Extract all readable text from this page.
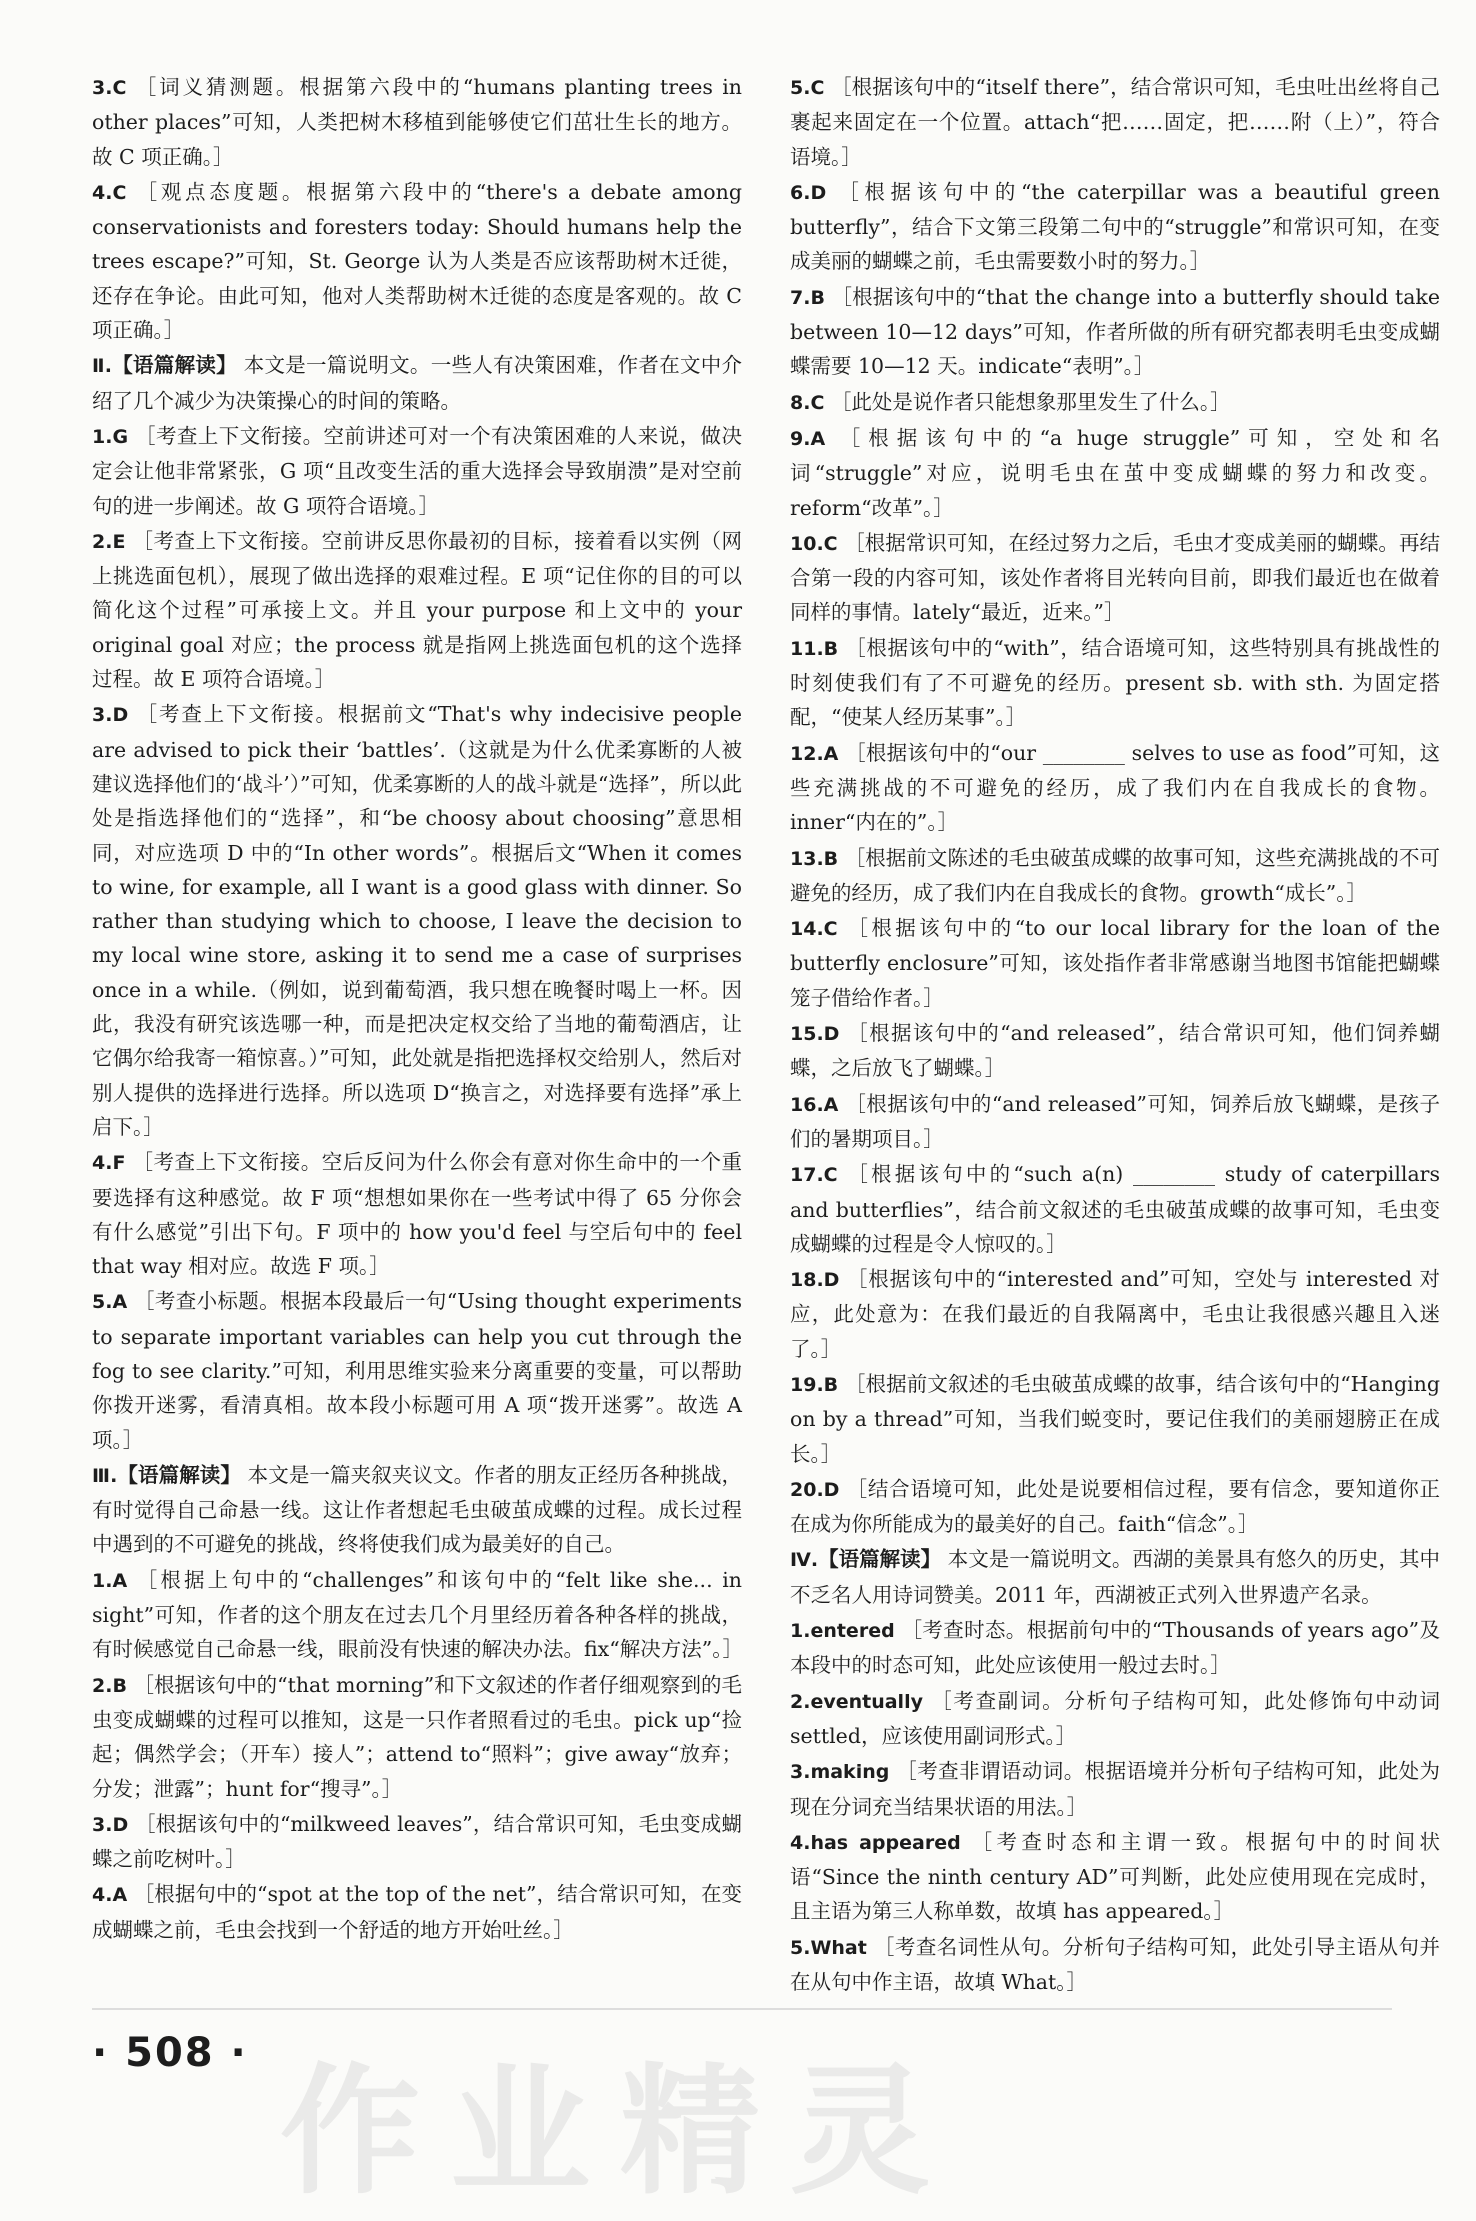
3.C ［词义猜测题。根据第六段中的“humans planting trees in other places”可知，人类把树木移植到能够使它们茁壮生长的地方。故 C 项正确。］
4.C ［观点态度题。根据第六段中的“there's a debate among conservationists and foresters today: Should humans help the trees escape?”可知，St. George 认为人类是否应该帮助树木迁徙，还存在争论。由此可知，他对人类帮助树木迁徙的态度是客观的。故 C 项正确。］
Ⅱ.【语篇解读】 本文是一篇说明文。一些人有决策困难，作者在文中介绍了几个减少为决策操心的时间的策略。
1.G ［考查上下文衔接。空前讲述可对一个有决策困难的人来说，做决定会让他非常紧张，G 项“且改变生活的重大选择会导致崩溃”是对空前句的进一步阐述。故 G 项符合语境。］
2.E ［考查上下文衔接。空前讲反思你最初的目标，接着看以实例（网上挑选面包机），展现了做出选择的艰难过程。E 项“记住你的目的可以简化这个过程”可承接上文。并且 your purpose 和上文中的 your original goal 对应；the process 就是指网上挑选面包机的这个选择过程。故 E 项符合语境。］
3.D ［考查上下文衔接。根据前文“That's why indecisive people are advised to pick their ‘battles’.（这就是为什么优柔寡断的人被建议选择他们的‘战斗’）”可知，优柔寡断的人的战斗就是“选择”，所以此处是指选择他们的“选择”，和“be choosy about choosing”意思相同，对应选项 D 中的“In other words”。根据后文“When it comes to wine, for example, all I want is a good glass with dinner. So rather than studying which to choose, I leave the decision to my local wine store, asking it to send me a case of surprises once in a while.（例如，说到葡萄酒，我只想在晚餐时喝上一杯。因此，我没有研究该选哪一种，而是把决定权交给了当地的葡萄酒店，让它偶尔给我寄一箱惊喜。）”可知，此处就是指把选择权交给别人，然后对别人提供的选择进行选择。所以选项 D“换言之，对选择要有选择”承上启下。］
4.F ［考查上下文衔接。空后反问为什么你会有意对你生命中的一个重要选择有这种感觉。故 F 项“想想如果你在一些考试中得了 65 分你会有什么感觉”引出下句。F 项中的 how you'd feel 与空后句中的 feel that way 相对应。故选 F 项。］
5.A ［考查小标题。根据本段最后一句“Using thought experiments to separate important variables can help you cut through the fog to see clarity.”可知，利用思维实验来分离重要的变量，可以帮助你拨开迷雾，看清真相。故本段小标题可用 A 项“拨开迷雾”。故选 A 项。］
Ⅲ.【语篇解读】 本文是一篇夹叙夹议文。作者的朋友正经历各种挑战，有时觉得自己命悬一线。这让作者想起毛虫破茧成蝶的过程。成长过程中遇到的不可避免的挑战，终将使我们成为最美好的自己。
1.A ［根据上句中的“challenges”和该句中的“felt like she... in sight”可知，作者的这个朋友在过去几个月里经历着各种各样的挑战，有时候感觉自己命悬一线，眼前没有快速的解决办法。fix“解决方法”。］
2.B ［根据该句中的“that morning”和下文叙述的作者仔细观察到的毛虫变成蝴蝶的过程可以推知，这是一只作者照看过的毛虫。pick up“捡起；偶然学会；（开车）接人”；attend to“照料”；give away“放弃；分发；泄露”；hunt for“搜寻”。］
3.D ［根据该句中的“milkweed leaves”，结合常识可知，毛虫变成蝴蝶之前吃树叶。］
4.A ［根据句中的“spot at the top of the net”，结合常识可知，在变成蝴蝶之前，毛虫会找到一个舒适的地方开始吐丝。］
5.C ［根据该句中的“itself there”，结合常识可知，毛虫吐出丝将自己裹起来固定在一个位置。attach“把……固定，把……附（上）”，符合语境。］
6.D ［根据该句中的“the caterpillar was a beautiful green butterfly”，结合下文第三段第二句中的“struggle”和常识可知，在变成美丽的蝴蝶之前，毛虫需要数小时的努力。］
7.B ［根据该句中的“that the change into a butterfly should take between 10—12 days”可知，作者所做的所有研究都表明毛虫变成蝴蝶需要 10—12 天。indicate“表明”。］
8.C ［此处是说作者只能想象那里发生了什么。］
9.A ［根据该句中的“a huge struggle”可知，空处和名词“struggle”对应，说明毛虫在茧中变成蝴蝶的努力和改变。reform“改革”。］
10.C ［根据常识可知，在经过努力之后，毛虫才变成美丽的蝴蝶。再结合第一段的内容可知，该处作者将目光转向目前，即我们最近也在做着同样的事情。lately“最近，近来。”］
11.B ［根据该句中的“with”，结合语境可知，这些特别具有挑战性的时刻使我们有了不可避免的经历。present sb. with sth. 为固定搭配，“使某人经历某事”。］
12.A ［根据该句中的“our ________ selves to use as food”可知，这些充满挑战的不可避免的经历，成了我们内在自我成长的食物。inner“内在的”。］
13.B ［根据前文陈述的毛虫破茧成蝶的故事可知，这些充满挑战的不可避免的经历，成了我们内在自我成长的食物。growth“成长”。］
14.C ［根据该句中的“to our local library for the loan of the butterfly enclosure”可知，该处指作者非常感谢当地图书馆能把蝴蝶笼子借给作者。］
15.D ［根据该句中的“and released”，结合常识可知，他们饲养蝴蝶，之后放飞了蝴蝶。］
16.A ［根据该句中的“and released”可知，饲养后放飞蝴蝶，是孩子们的暑期项目。］
17.C ［根据该句中的“such a(n) ________ study of caterpillars and butterflies”，结合前文叙述的毛虫破茧成蝶的故事可知，毛虫变成蝴蝶的过程是令人惊叹的。］
18.D ［根据该句中的“interested and”可知，空处与 interested 对应，此处意为：在我们最近的自我隔离中，毛虫让我很感兴趣且入迷了。］
19.B ［根据前文叙述的毛虫破茧成蝶的故事，结合该句中的“Hanging on by a thread”可知，当我们蜕变时，要记住我们的美丽翅膀正在成长。］
20.D ［结合语境可知，此处是说要相信过程，要有信念，要知道你正在成为你所能成为的最美好的自己。faith“信念”。］
Ⅳ.【语篇解读】 本文是一篇说明文。西湖的美景具有悠久的历史，其中不乏名人用诗词赞美。2011 年，西湖被正式列入世界遗产名录。
1.entered ［考查时态。根据前句中的“Thousands of years ago”及本段中的时态可知，此处应该使用一般过去时。］
2.eventually ［考查副词。分析句子结构可知，此处修饰句中动词 settled，应该使用副词形式。］
3.making ［考查非谓语动词。根据语境并分析句子结构可知，此处为现在分词充当结果状语的用法。］
4.has appeared ［考查时态和主谓一致。根据句中的时间状语“Since the ninth century AD”可判断，此处应使用现在完成时，且主语为第三人称单数，故填 has appeared。］
5.What ［考查名词性从句。分析句子结构可知，此处引导主语从句并在从句中作主语，故填 What。］
· 508 · 作业精灵
